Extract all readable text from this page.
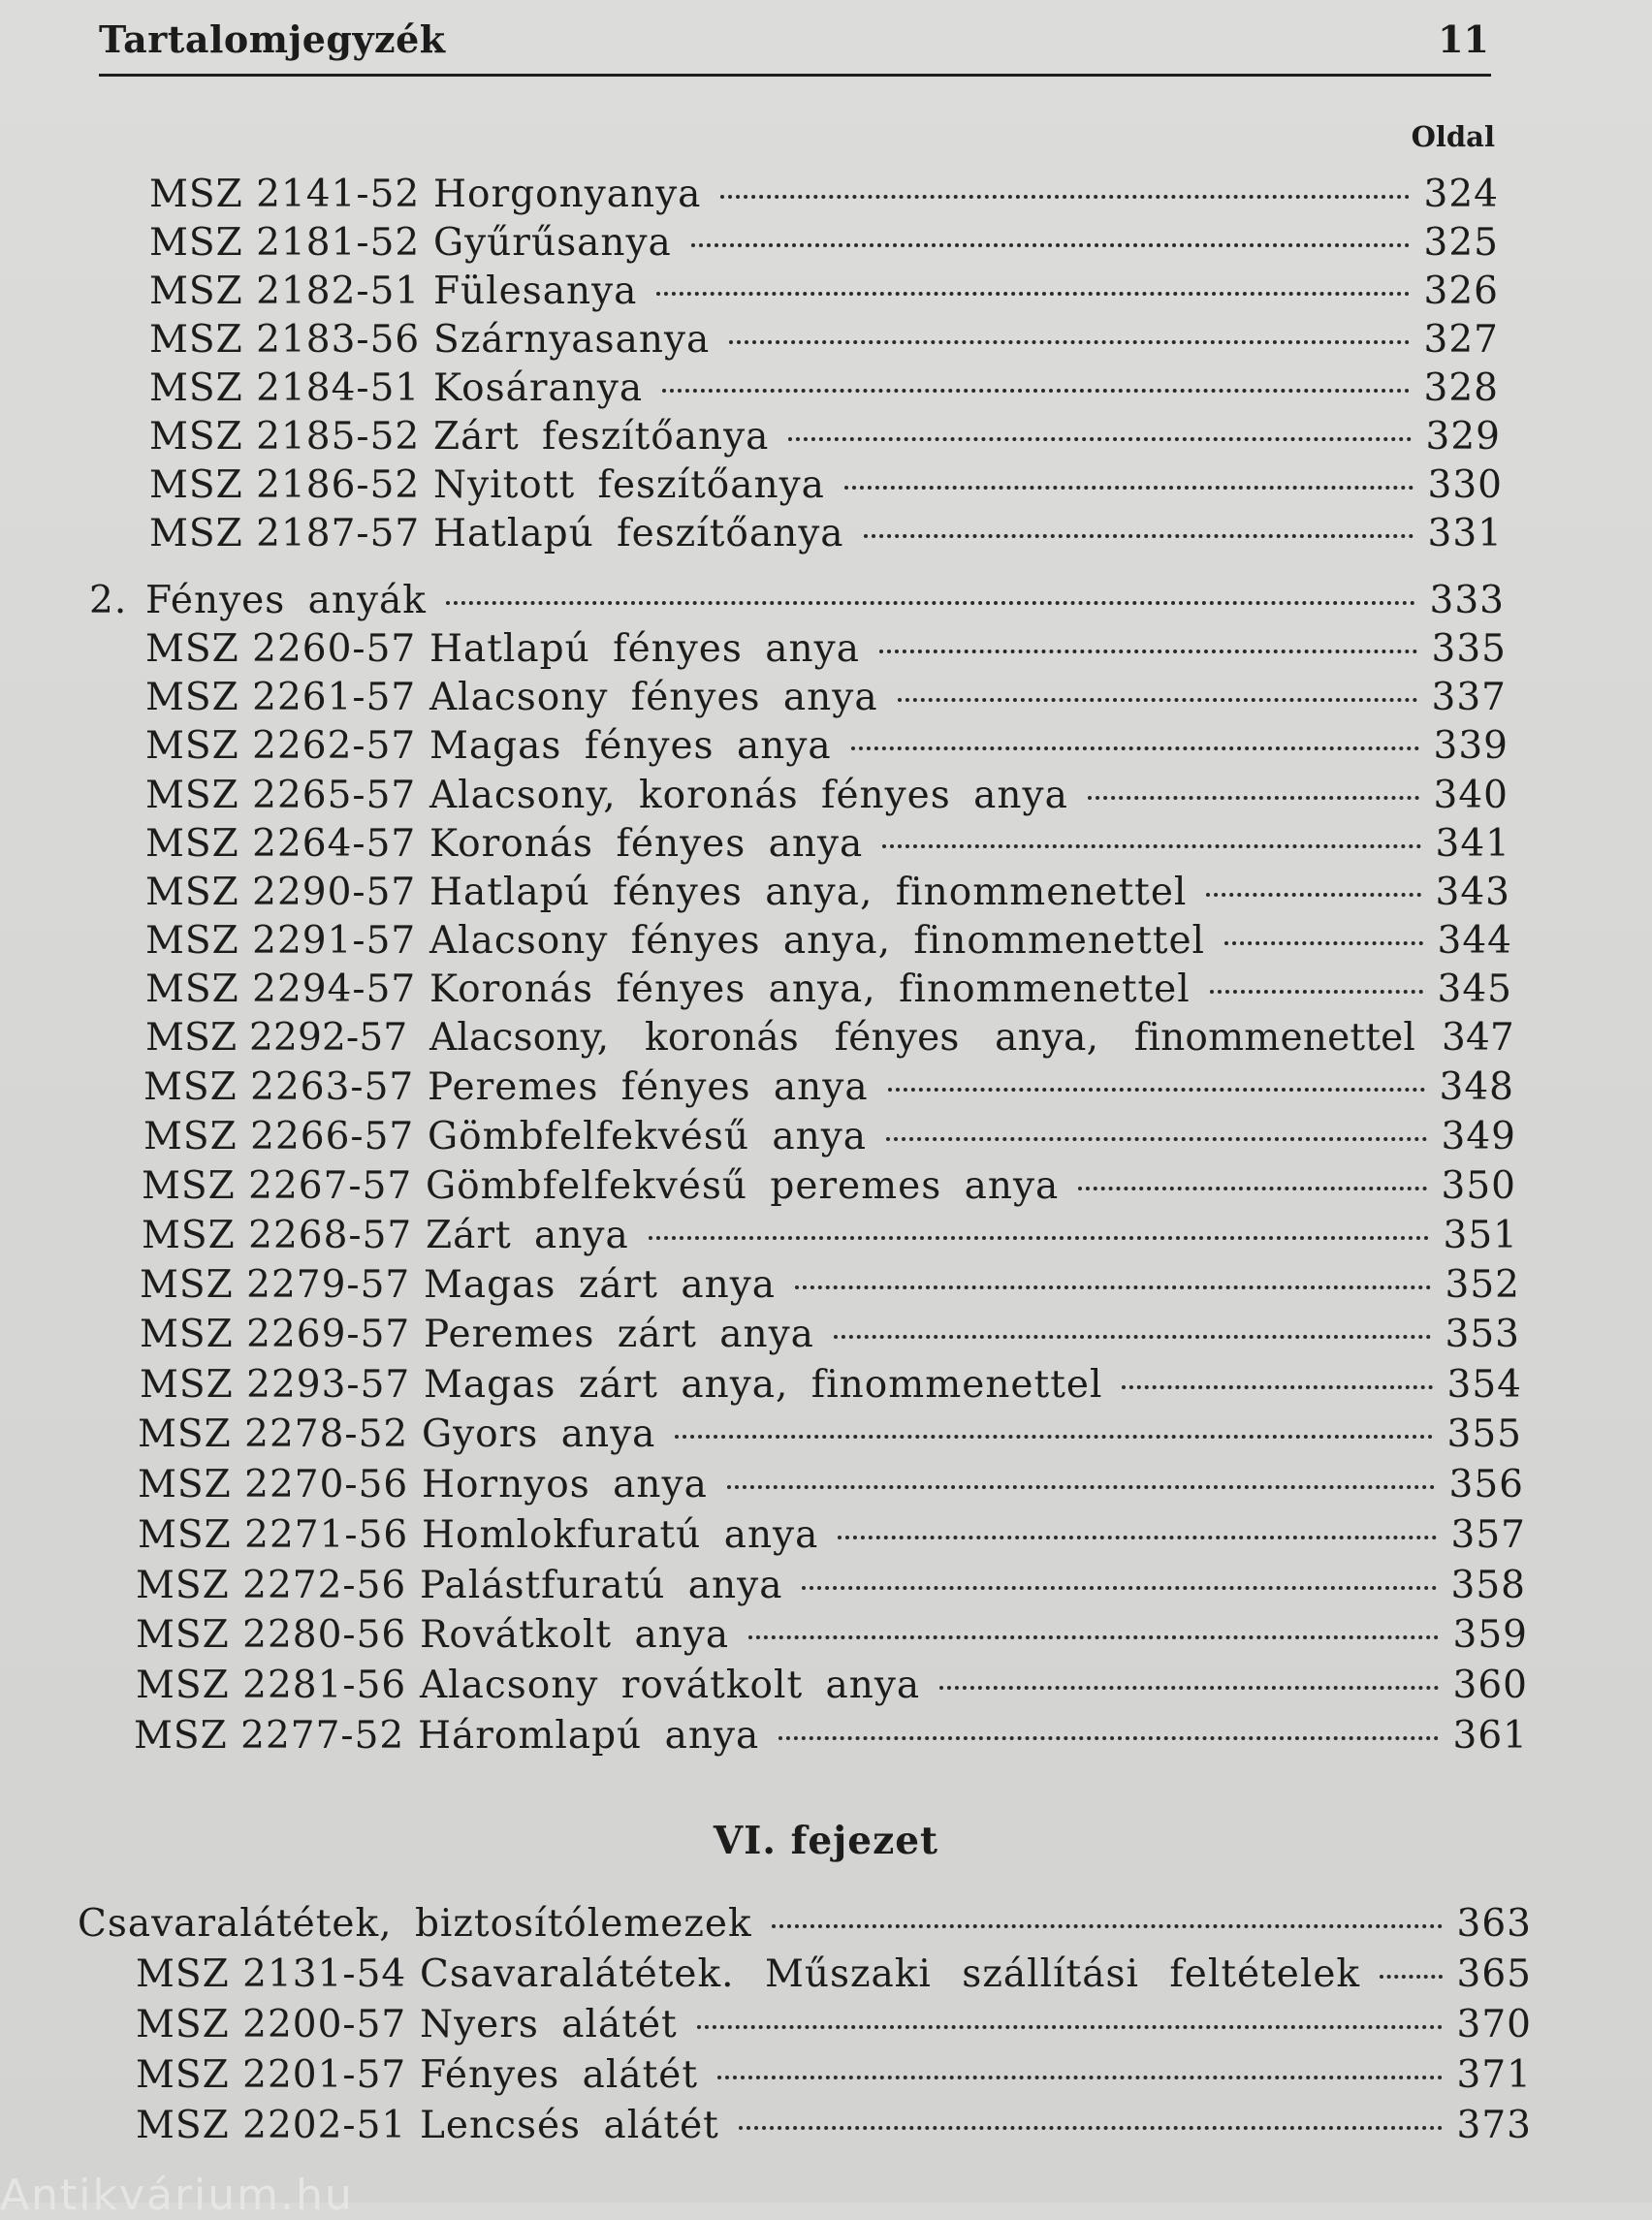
Tartalomjegyzék	11
Oldal
MSZ 2141-52 Horgonyanya	324
MSZ 2181-52 Gyűrűsanya	325
MSZ 2182-51 Fülesanya	326
MSZ 2183-56 Szárnyasanya	327
MSZ 2184-51 Kosáranya	328
MSZ 2185-52 Zárt feszítőanya	329
MSZ 2186-52 Nyitott feszítőanya	330
MSZ 2187-57 Hatlapú feszítőanya	331
2. Fényes anyák	333
MSZ 2260-57 Hatlapú fényes anya	335
MSZ 2261-57 Alacsony fényes anya	337
MSZ 2262-57 Magas fényes anya	339
MSZ 2265-57 Alacsony, koronás fényes anya	340
MSZ 2264-57 Koronás fényes anya	341
MSZ 2290-57 Hatlapú fényes anya, finommenettel	343
MSZ 2291-57 Alacsony fényes anya, finommenettel	344
MSZ 2294-57 Koronás fényes anya, finommenettel	345
MSZ 2292-57 Alacsony, koronás fényes anya, finommenettel 347
MSZ 2263-57 Peremes fényes anya	348
MSZ 2266-57 Gömbfelfekvésű anya	349
MSZ 2267-57 Gömbfelfekvésű peremes anya	350
MSZ 2268-57 Zárt anya	351
MSZ 2279-57 Magas zárt anya	352
MSZ 2269-57 Peremes zárt anya	353
MSZ 2293-57 Magas zárt anya, finommenettel	354
MSZ 2278-52 Gyors anya	355
MSZ 2270-56 Hornyos anya	356
MSZ 2271-56 Homlokfuratú anya	357
MSZ 2272-56 Palástfuratú anya	358
MSZ 2280-56 Rovátkolt anya	359
MSZ 2281-56 Alacsony rovátkolt anya	360
MSZ 2277-52 Háromlapú anya	361
VI. fejezet
Csavaralátétek, biztosítólemezek	363
MSZ 2131-54 Csavaralátétek. Műszaki szállítási feltételek	365
MSZ 2200-57 Nyers alátét	370
MSZ 2201-57 Fényes alátét	371
MSZ 2202-51 Lencsés alátét	373
Antikvárium.hu
